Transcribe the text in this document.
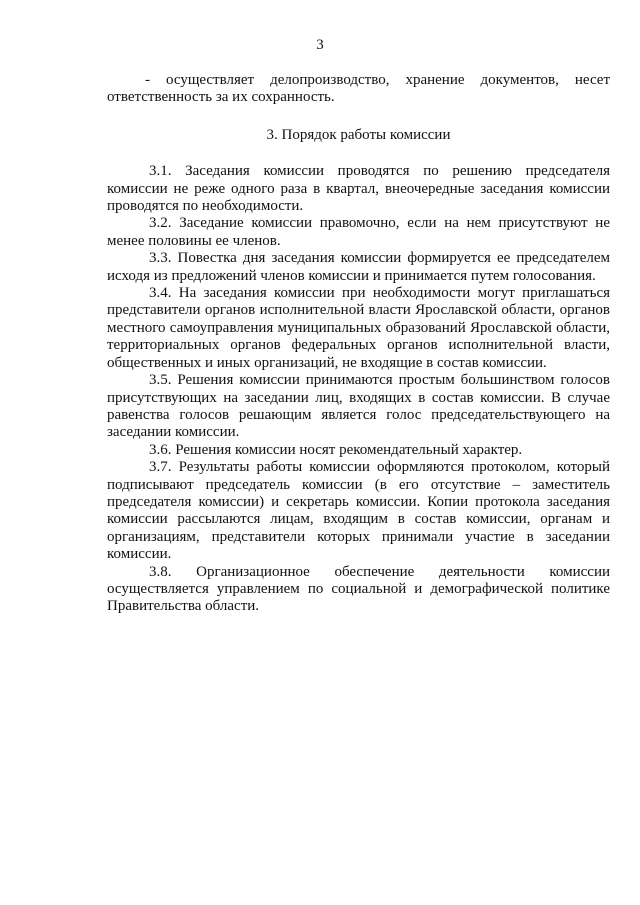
3

- осуществляет делопроизводство, хранение документов, несет ответственность за их сохранность.

3. Порядок работы комиссии

3.1. Заседания комиссии проводятся по решению председателя комиссии не реже одного раза в квартал, внеочередные заседания комиссии проводятся по необходимости.

3.2. Заседание комиссии правомочно, если на нем присутствуют не менее половины ее членов.

3.3. Повестка дня заседания комиссии формируется ее председателем исходя из предложений членов комиссии и принимается путем голосования.

3.4. На заседания комиссии при необходимости могут приглашаться представители органов исполнительной власти Ярославской области, органов местного самоуправления муниципальных образований Ярославской области, территориальных органов федеральных органов исполнительной власти, общественных и иных организаций, не входящие в состав комиссии.

3.5. Решения комиссии принимаются простым большинством голосов присутствующих на заседании лиц, входящих в состав комиссии. В случае равенства голосов решающим является голос председательствующего на заседании комиссии.

3.6. Решения комиссии носят рекомендательный характер.

3.7. Результаты работы комиссии оформляются протоколом, который подписывают председатель комиссии (в его отсутствие – заместитель председателя комиссии) и секретарь комиссии. Копии протокола заседания комиссии рассылаются лицам, входящим в состав комиссии, органам и организациям, представители которых принимали участие в заседании комиссии.

3.8. Организационное обеспечение деятельности комиссии осуществляется управлением по социальной и демографической политике Правительства области.
